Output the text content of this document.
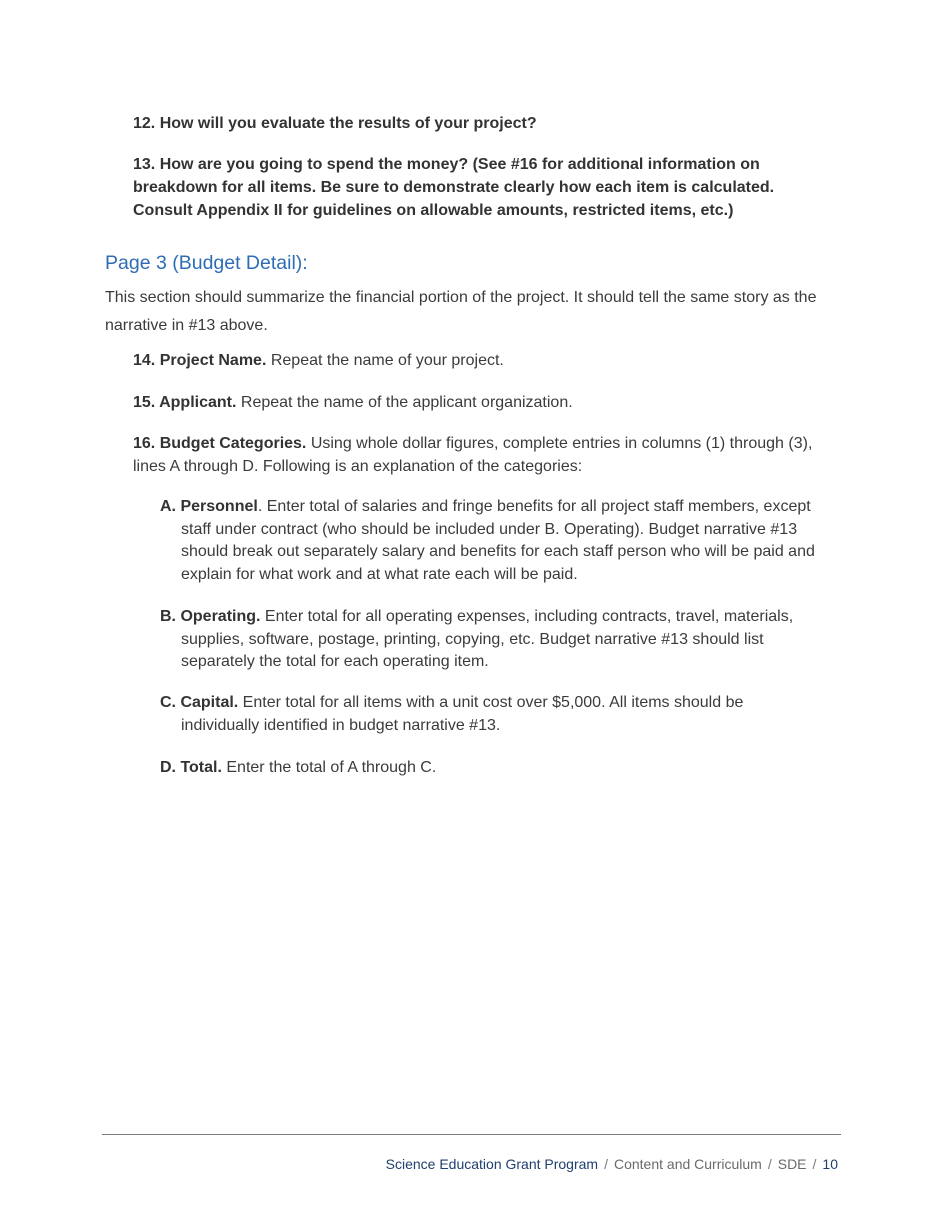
12. How will you evaluate the results of your project?
13. How are you going to spend the money? (See #16 for additional information on breakdown for all items. Be sure to demonstrate clearly how each item is calculated. Consult Appendix II for guidelines on allowable amounts, restricted items, etc.)
Page 3 (Budget Detail):
This section should summarize the financial portion of the project. It should tell the same story as the narrative in #13 above.
14. Project Name. Repeat the name of your project.
15. Applicant. Repeat the name of the applicant organization.
16. Budget Categories. Using whole dollar figures, complete entries in columns (1) through (3), lines A through D. Following is an explanation of the categories:
A. Personnel. Enter total of salaries and fringe benefits for all project staff members, except staff under contract (who should be included under B. Operating). Budget narrative #13 should break out separately salary and benefits for each staff person who will be paid and explain for what work and at what rate each will be paid.
B. Operating. Enter total for all operating expenses, including contracts, travel, materials, supplies, software, postage, printing, copying, etc. Budget narrative #13 should list separately the total for each operating item.
C. Capital. Enter total for all items with a unit cost over $5,000. All items should be individually identified in budget narrative #13.
D. Total. Enter the total of A through C.
Science Education Grant Program / Content and Curriculum / SDE / 10
